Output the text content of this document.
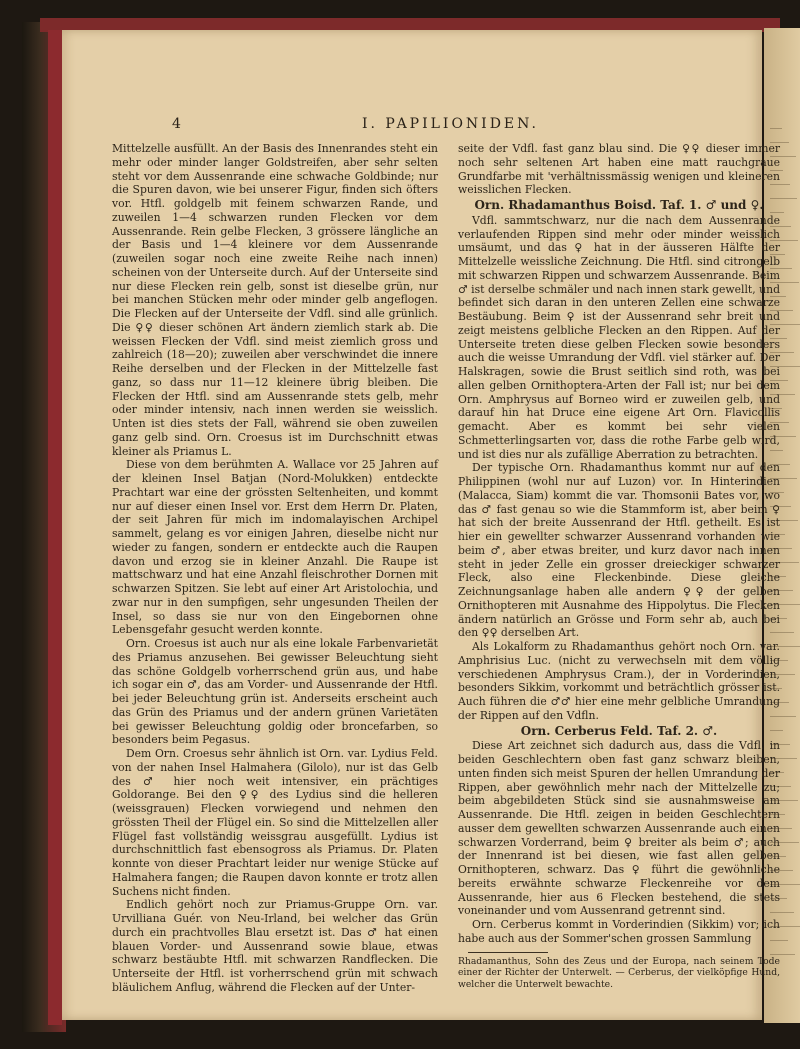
4	I. PAPILIONIDEN.

Mittelzelle ausfüllt. An der Basis des Innenrandes steht ein mehr oder minder langer Goldstreifen, aber sehr selten steht vor dem Aussenrande eine schwache Goldbinde; nur die Spuren davon, wie bei unserer Figur, finden sich öfters vor. Htfl. goldgelb mit feinem schwarzen Rande, und zuweilen 1—4 schwarzen runden Flecken vor dem Aussenrande. Rein gelbe Flecken, 3 grössere längliche an der Basis und 1—4 kleinere vor dem Aussenrande (zuweilen sogar noch eine zweite Reihe nach innen) scheinen von der Unterseite durch. Auf der Unterseite sind nur diese Flecken rein gelb, sonst ist dieselbe grün, nur bei manchen Stücken mehr oder minder gelb angeflogen. Die Flecken auf der Unterseite der Vdfl. sind alle grünlich. Die ♀♀ dieser schönen Art ändern ziemlich stark ab. Die weissen Flecken der Vdfl. sind meist ziemlich gross und zahlreich (18—20); zuweilen aber verschwindet die innere Reihe derselben und der Flecken in der Mittelzelle fast ganz, so dass nur 11—12 kleinere übrig bleiben. Die Flecken der Htfl. sind am Aussenrande stets gelb, mehr oder minder intensiv, nach innen werden sie weisslich. Unten ist dies stets der Fall, während sie oben zuweilen ganz gelb sind. Orn. Croesus ist im Durchschnitt etwas kleiner als Priamus L.

Diese von dem berühmten A. Wallace vor 25 Jahren auf der kleinen Insel Batjan (Nord-Molukken) entdeckte Prachtart war eine der grössten Seltenheiten, und kommt nur auf dieser einen Insel vor. Erst dem Herrn Dr. Platen, der seit Jahren für mich im indomalayischen Archipel sammelt, gelang es vor einigen Jahren, dieselbe nicht nur wieder zu fangen, sondern er entdeckte auch die Raupen davon und erzog sie in kleiner Anzahl. Die Raupe ist mattschwarz und hat eine Anzahl fleischrother Dornen mit schwarzen Spitzen. Sie lebt auf einer Art Aristolochia, und zwar nur in den sumpfigen, sehr ungesunden Theilen der Insel, so dass sie nur von den Eingebornen ohne Lebensgefahr gesucht werden konnte.

Orn. Croesus ist auch nur als eine lokale Farbenvarietät des Priamus anzusehen. Bei gewisser Beleuchtung sieht das schöne Goldgelb vorherrschend grün aus, und habe ich sogar ein ♂, das am Vorder- und Aussenrande der Htfl. bei jeder Beleuchtung grün ist. Anderseits erscheint auch das Grün des Priamus und der andern grünen Varietäten bei gewisser Beleuchtung goldig oder broncefarben, so besonders beim Pegasus.

Dem Orn. Croesus sehr ähnlich ist Orn. var. Lydius Feld. von der nahen Insel Halmahera (Gilolo), nur ist das Gelb des ♂ hier noch weit intensiver, ein prächtiges Goldorange. Bei den ♀♀ des Lydius sind die helleren (weissgrauen) Flecken vorwiegend und nehmen den grössten Theil der Flügel ein. So sind die Mittelzellen aller Flügel fast vollständig weissgrau ausgefüllt. Lydius ist durchschnittlich fast ebensogross als Priamus. Dr. Platen konnte von dieser Prachtart leider nur wenige Stücke auf Halmahera fangen; die Raupen davon konnte er trotz allen Suchens nicht finden.

Endlich gehört noch zur Priamus-Gruppe Orn. var. Urvilliana Guér. von Neu-Irland, bei welcher das Grün durch ein prachtvolles Blau ersetzt ist. Das ♂ hat einen blauen Vorder- und Aussenrand sowie blaue, etwas schwarz bestäubte Htfl. mit schwarzen Randflecken. Die Unterseite der Htfl. ist vorherrschend grün mit schwach bläulichem Anflug, während die Flecken auf der Unter-

seite der Vdfl. fast ganz blau sind. Die ♀♀ dieser immer noch sehr seltenen Art haben eine matt rauchgraue Grundfarbe mit 'verhältnissmässig wenigen und kleineren weisslichen Flecken.

Orn. Rhadamanthus Boisd. Taf. 1. ♂ und ♀.

Vdfl. sammtschwarz, nur die nach dem Aussenrande verlaufenden Rippen sind mehr oder minder weisslich umsäumt, und das ♀ hat in der äusseren Hälfte der Mittelzelle weissliche Zeichnung. Die Htfl. sind citrongelb mit schwarzen Rippen und schwarzem Aussenrande. Beim ♂ ist derselbe schmäler und nach innen stark gewellt, und befindet sich daran in den unteren Zellen eine schwarze Bestäubung. Beim ♀ ist der Aussenrand sehr breit und zeigt meistens gelbliche Flecken an den Rippen. Auf der Unterseite treten diese gelben Flecken sowie besonders auch die weisse Umrandung der Vdfl. viel stärker auf. Der Halskragen, sowie die Brust seitlich sind roth, was bei allen gelben Ornithoptera-Arten der Fall ist; nur bei dem Orn. Amphrysus auf Borneo wird er zuweilen gelb, und darauf hin hat Druce eine eigene Art Orn. Flavicollis gemacht. Aber es kommt bei sehr vielen Schmetterlingsarten vor, dass die rothe Farbe gelb wird, und ist dies nur als zufällige Aberration zu betrachten.

Der typische Orn. Rhadamanthus kommt nur auf den Philippinen (wohl nur auf Luzon) vor. In Hinterindien (Malacca, Siam) kommt die var. Thomsonii Bates vor, wo das ♂ fast genau so wie die Stammform ist, aber beim ♀ hat sich der breite Aussenrand der Htfl. getheilt. Es ist hier ein gewellter schwarzer Aussenrand vorhanden wie beim ♂, aber etwas breiter, und kurz davor nach innen steht in jeder Zelle ein grosser dreieckiger schwarzer Fleck, also eine Fleckenbinde. Diese gleiche Zeichnungsanlage haben alle andern ♀♀ der gelben Ornithopteren mit Ausnahme des Hippolytus. Die Flecken ändern natürlich an Grösse und Form sehr ab, auch bei den ♀♀ derselben Art.

Als Lokalform zu Rhadamanthus gehört noch Orn. var. Amphrisius Luc. (nicht zu verwechseln mit dem völlig verschiedenen Amphrysus Cram.), der in Vorderindien, besonders Sikkim, vorkommt und beträchtlich grösser ist. Auch führen die ♂♂ hier eine mehr gelbliche Umrandung der Rippen auf den Vdfln.

Orn. Cerberus Feld. Taf. 2. ♂.

Diese Art zeichnet sich dadurch aus, dass die Vdfl. in beiden Geschlechtern oben fast ganz schwarz bleiben, unten finden sich meist Spuren der hellen Umrandung der Rippen, aber gewöhnlich mehr nach der Mittelzelle zu; beim abgebildeten Stück sind sie ausnahmsweise am Aussenrande. Die Htfl. zeigen in beiden Geschlechtern ausser dem gewellten schwarzen Aussenrande auch einen schwarzen Vorderrand, beim ♀ breiter als beim ♂; auch der Innenrand ist bei diesen, wie fast allen gelben Ornithopteren, schwarz. Das ♀ führt die gewöhnliche bereits erwähnte schwarze Fleckenreihe vor dem Aussenrande, hier aus 6 Flecken bestehend, die stets voneinander und vom Aussenrand getrennt sind.

Orn. Cerberus kommt in Vorderindien (Sikkim) vor; ich habe auch aus der Sommer'schen grossen Sammlung

Rhadamanthus, Sohn des Zeus und der Europa, nach seinem Tode einer der Richter der Unterwelt. — Cerberus, der vielköpfige Hund, welcher die Unterwelt bewachte.
